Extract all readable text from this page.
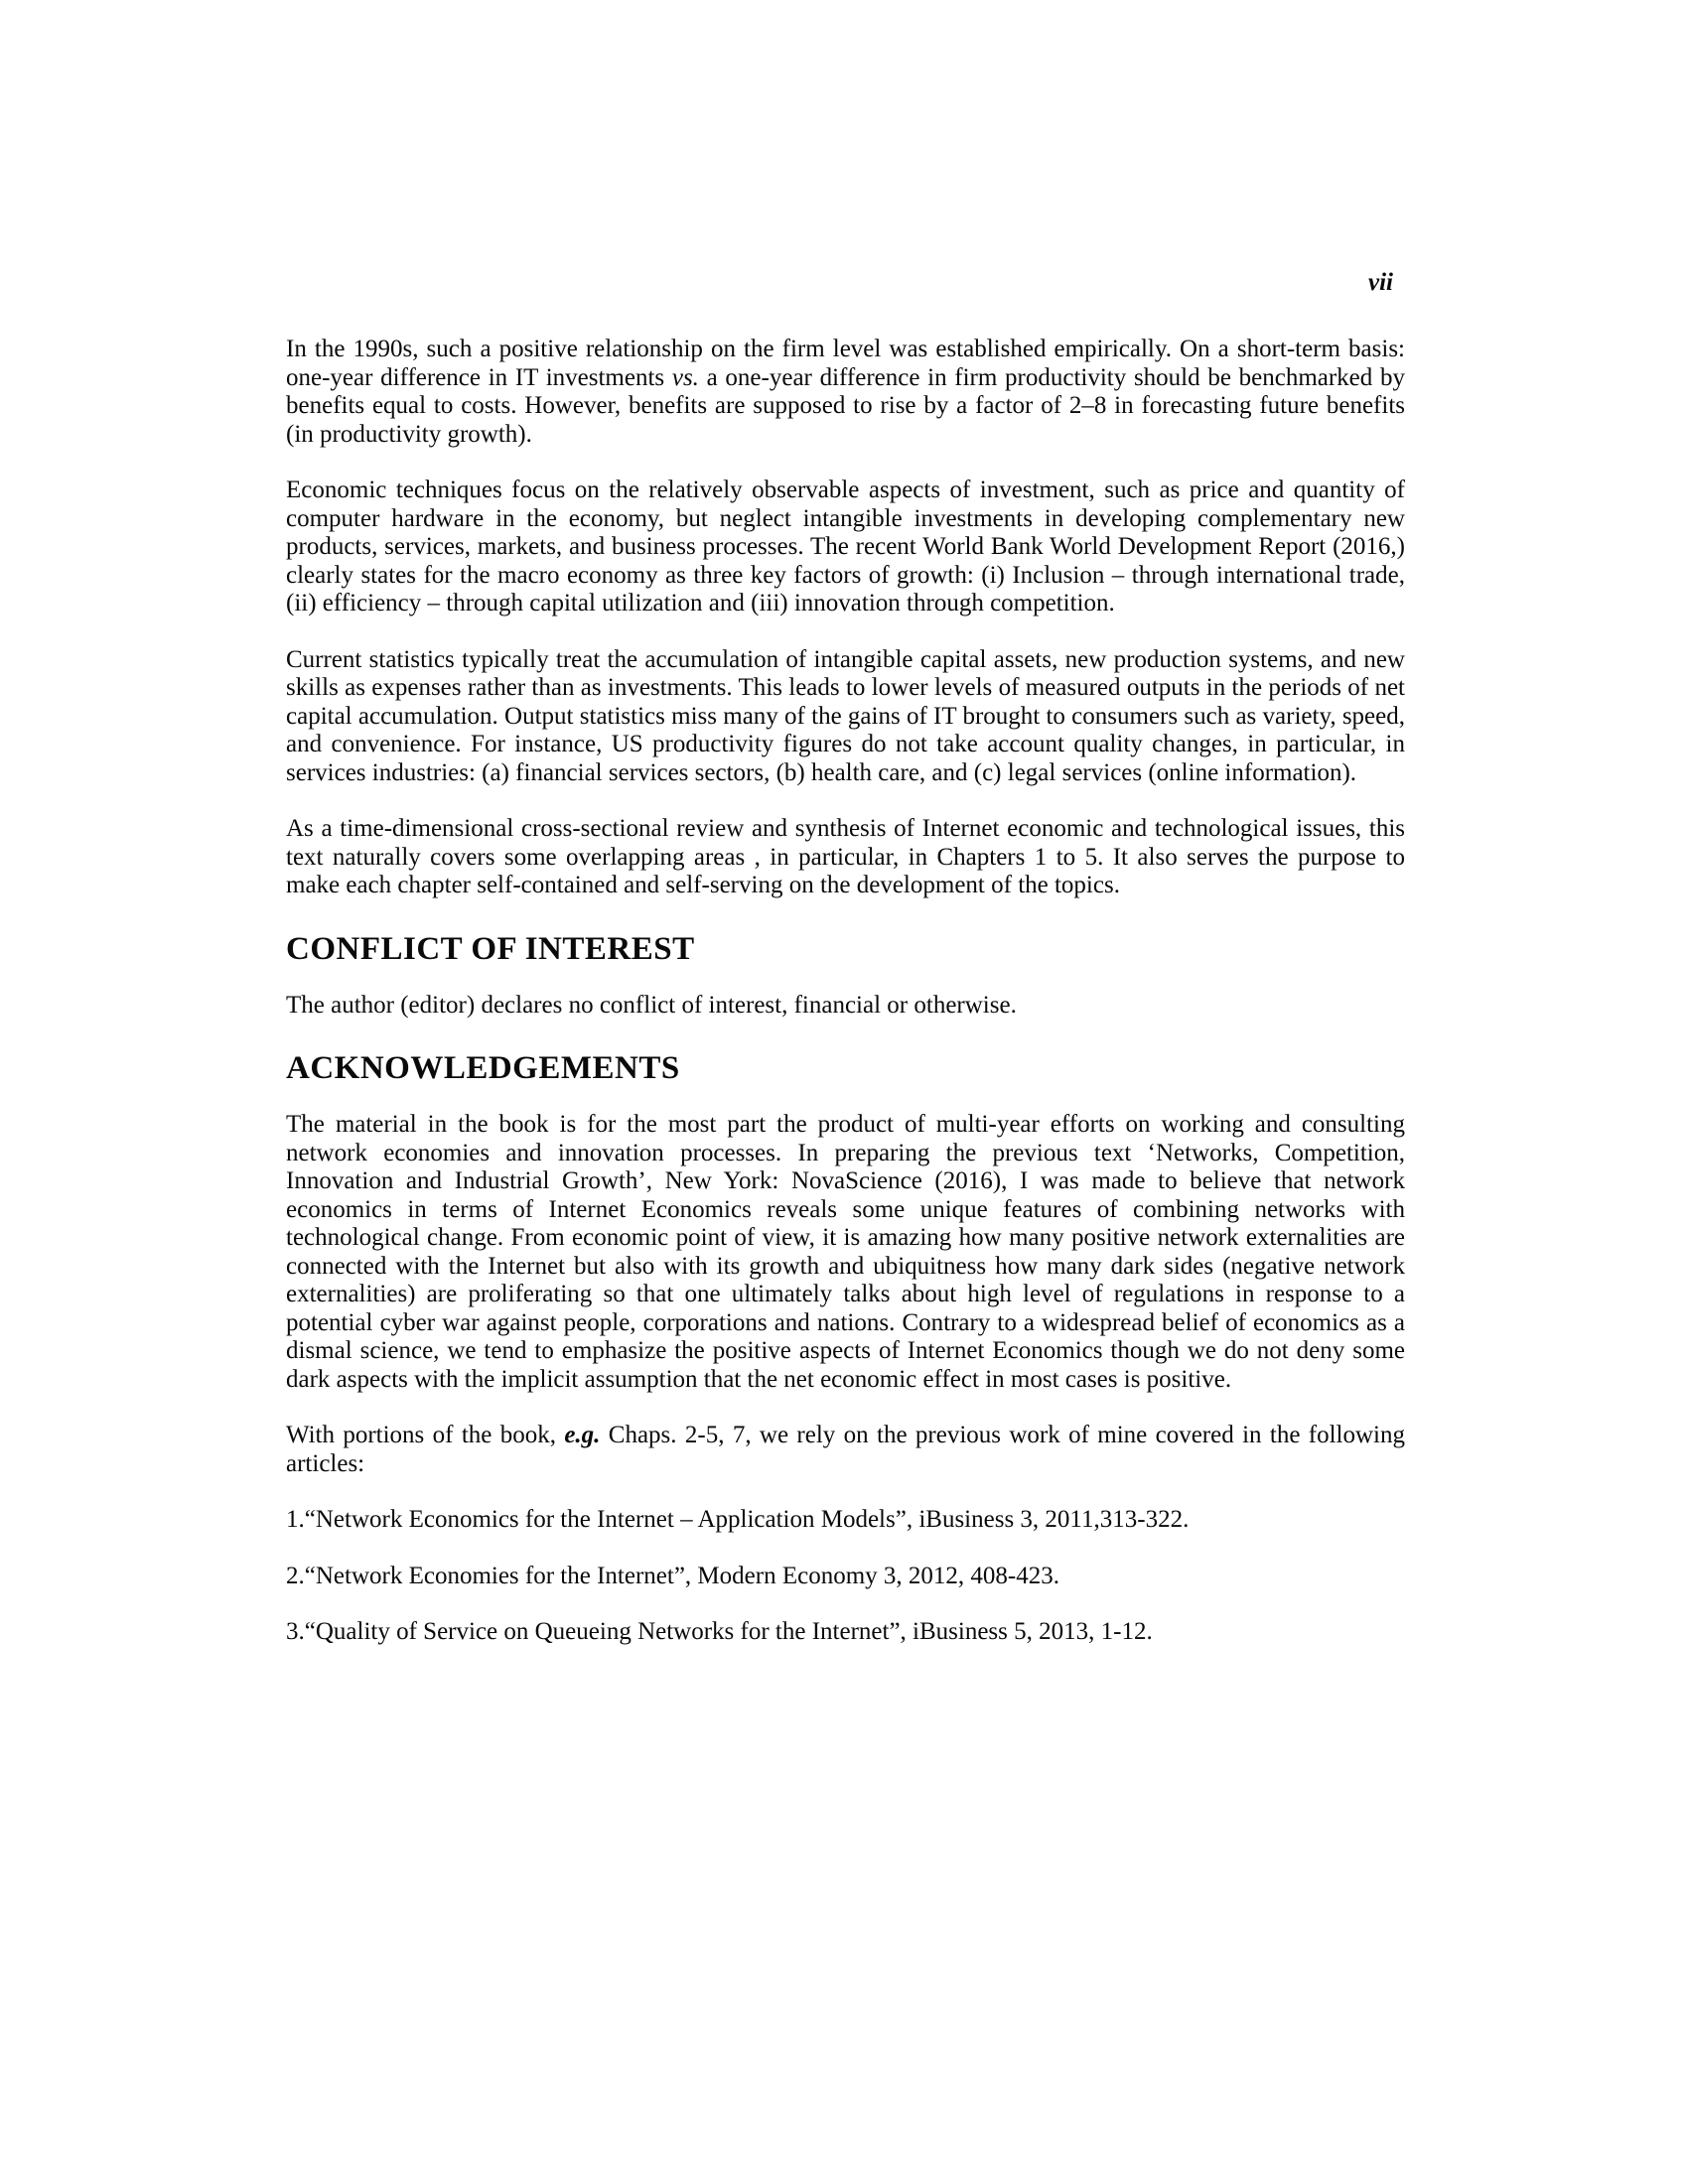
vii

In the 1990s, such a positive relationship on the firm level was established empirically. On a short-term basis: one-year difference in IT investments vs. a one-year difference in firm productivity should be benchmarked by benefits equal to costs. However, benefits are supposed to rise by a factor of 2–8 in forecasting future benefits (in productivity growth).

Economic techniques focus on the relatively observable aspects of investment, such as price and quantity of computer hardware in the economy, but neglect intangible investments in developing complementary new products, services, markets, and business processes. The recent World Bank World Development Report (2016,) clearly states for the macro economy as three key factors of growth: (i) Inclusion – through international trade, (ii) efficiency – through capital utilization and (iii) innovation through competition.

Current statistics typically treat the accumulation of intangible capital assets, new production systems, and new skills as expenses rather than as investments. This leads to lower levels of measured outputs in the periods of net capital accumulation. Output statistics miss many of the gains of IT brought to consumers such as variety, speed, and convenience. For instance, US productivity figures do not take account quality changes, in particular, in services industries: (a) financial services sectors, (b) health care, and (c) legal services (online information).

As a time-dimensional cross-sectional review and synthesis of Internet economic and technological issues, this text naturally covers some overlapping areas , in particular, in Chapters 1 to 5. It also serves the purpose to make each chapter self-contained and self-serving on the development of the topics.

CONFLICT OF INTEREST

The author (editor) declares no conflict of interest, financial or otherwise.

ACKNOWLEDGEMENTS

The material in the book is for the most part the product of multi-year efforts on working and consulting network economies and innovation processes. In preparing the previous text ‘Networks, Competition, Innovation and Industrial Growth’, New York: NovaScience (2016), I was made to believe that network economics in terms of Internet Economics reveals some unique features of combining networks with technological change. From economic point of view, it is amazing how many positive network externalities are connected with the Internet but also with its growth and ubiquitness how many dark sides (negative network externalities) are proliferating so that one ultimately talks about high level of regulations in response to a potential cyber war against people, corporations and nations. Contrary to a widespread belief of economics as a dismal science, we tend to emphasize the positive aspects of Internet Economics though we do not deny some dark aspects with the implicit assumption that the net economic effect in most cases is positive.

With portions of the book, e.g. Chaps. 2-5, 7, we rely on the previous work of mine covered in the following articles:

1.“Network Economics for the Internet – Application Models”, iBusiness 3, 2011,313-322.

2.“Network Economies for the Internet”, Modern Economy 3, 2012, 408-423.

3.“Quality of Service on Queueing Networks for the Internet”, iBusiness 5, 2013, 1-12.
